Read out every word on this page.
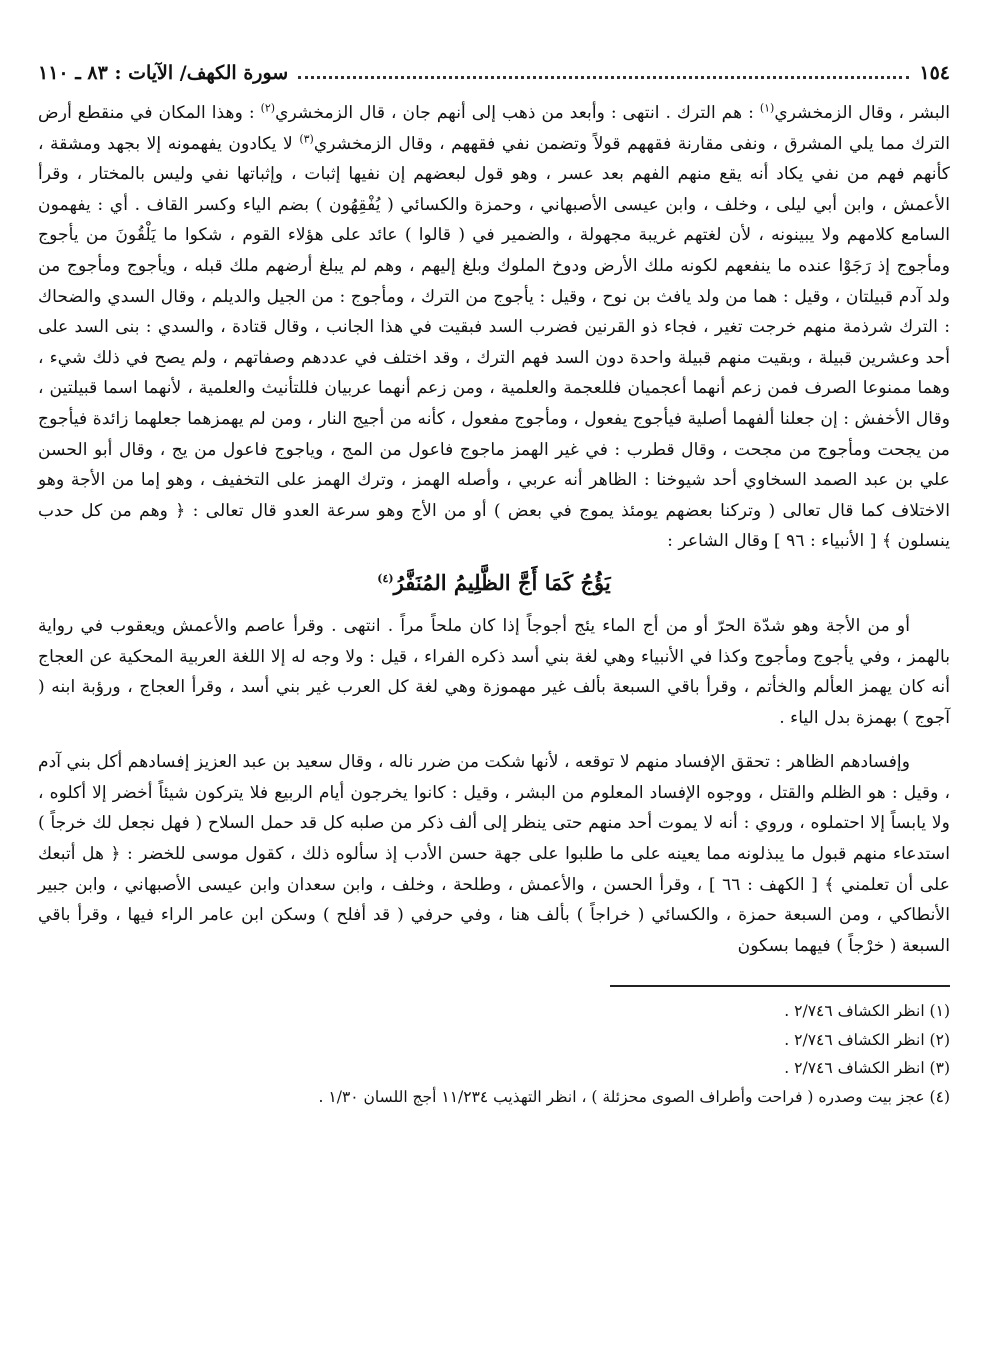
١٥٤
سورة الكهف/ الآيات : ٨٣ ـ ١١٠

البشر ، وقال الزمخشري$^{(١)}$ : هم الترك . انتهى : وأبعد من ذهب إلى أنهم جان ، قال الزمخشري$^{(٢)}$ : وهذا المكان في منقطع أرض الترك مما يلي المشرق ، ونفى مقارنة فقههم قولاً وتضمن نفي فقههم ، وقال الزمخشري$^{(٣)}$ لا يكادون يفهمونه إلا بجهد ومشقة ، كأنهم فهم من نفي يكاد أنه يقع منهم الفهم بعد عسر ، وهو قول لبعضهم إن نفيها إثبات ، وإثباتها نفي وليس بالمختار ، وقرأ الأعمش ، وابن أبي ليلى ، وخلف ، وابن عيسى الأصبهاني ، وحمزة والكسائي ( يُفْقِهُون ) بضم الياء وكسر القاف . أي : يفهمون السامع كلامهم ولا يبينونه ، لأن لغتهم غريبة مجهولة ، والضمير في ( قالوا ) عائد على هؤلاء القوم ، شكوا ما يَلْقُونَ من يأجوج ومأجوج إذ رَجَوْا عنده ما ينفعهم لكونه ملك الأرض ودوخ الملوك وبلغ إليهم ، وهم لم يبلغ أرضهم ملك قبله ، ويأجوج ومأجوج من ولد آدم قبيلتان ، وقيل : هما من ولد يافث بن نوح ، وقيل : يأجوج من الترك ، ومأجوج : من الجيل والديلم ، وقال السدي والضحاك : الترك شرذمة منهم خرجت تغير ، فجاء ذو القرنين فضرب السد فبقيت في هذا الجانب ، وقال قتادة ، والسدي : بنى السد على أحد وعشرين قبيلة ، وبقيت منهم قبيلة واحدة دون السد فهم الترك ، وقد اختلف في عددهم وصفاتهم ، ولم يصح في ذلك شيء ، وهما ممنوعا الصرف فمن زعم أنهما أعجميان فللعجمة والعلمية ، ومن زعم أنهما عربيان فللتأنيث والعلمية ، لأنهما اسما قبيلتين ، وقال الأخفش : إن جعلنا ألفهما أصلية فيأجوج يفعول ، ومأجوج مفعول ، كأنه من أجيج النار ، ومن لم يهمزهما جعلهما زائدة فيأجوج من يجحت ومأجوج من مجحت ، وقال قطرب : في غير الهمز ماجوج فاعول من المج ، وياجوج فاعول من يج ، وقال أبو الحسن علي بن عبد الصمد السخاوي أحد شيوخنا : الظاهر أنه عربي ، وأصله الهمز ، وترك الهمز على التخفيف ، وهو إما من الأجة وهو الاختلاف كما قال تعالى ( وتركنا بعضهم يومئذ يموج في بعض ) أو من الأج وهو سرعة العدو قال تعالى : ﴿ وهم من كل حدب ينسلون ﴾ [ الأنبياء : ٩٦ ] وقال الشاعر :

يَؤُجُ كَمَا أَجَّ الظَّلِيمُ المُنَفَّرُ$^{(٤)}$

أو من الأجة وهو شدّة الحرّ أو من أج الماء يئج أجوجاً إذا كان ملحاً مراً . انتهى . وقرأ عاصم والأعمش ويعقوب في رواية بالهمز ، وفي يأجوج ومأجوج وكذا في الأنبياء وهي لغة بني أسد ذكره الفراء ، قيل : ولا وجه له إلا اللغة العربية المحكية عن العجاج أنه كان يهمز العألم والخأتم ، وقرأ باقي السبعة بألف غير مهموزة وهي لغة كل العرب غير بني أسد ، وقرأ العجاج ، ورؤبة ابنه ( آجوج ) بهمزة بدل الياء .

وإفسادهم الظاهر : تحقق الإفساد منهم لا توقعه ، لأنها شكت من ضرر ناله ، وقال سعيد بن عبد العزيز إفسادهم أكل بني آدم ، وقيل : هو الظلم والقتل ، ووجوه الإفساد المعلوم من البشر ، وقيل : كانوا يخرجون أيام الربيع فلا يتركون شيئاً أخضر إلا أكلوه ، ولا يابساً إلا احتملوه ، وروي : أنه لا يموت أحد منهم حتى ينظر إلى ألف ذكر من صلبه كل قد حمل السلاح ( فهل نجعل لك خرجاً ) استدعاء منهم قبول ما يبذلونه مما يعينه على ما طلبوا على جهة حسن الأدب إذ سألوه ذلك ، كقول موسى للخضر : ﴿ هل أتبعك على أن تعلمني ﴾ [ الكهف : ٦٦ ] ، وقرأ الحسن ، والأعمش ، وطلحة ، وخلف ، وابن سعدان وابن عيسى الأصبهاني ، وابن جبير الأنطاكي ، ومن السبعة حمزة ، والكسائي ( خراجاً ) بألف هنا ، وفي حرفي ( قد أفلح ) وسكن ابن عامر الراء فيها ، وقرأ باقي السبعة ( خرْجاً ) فيهما بسكون

(١) انظر الكشاف ٢/٧٤٦ .
(٢) انظر الكشاف ٢/٧٤٦ .
(٣) انظر الكشاف ٢/٧٤٦ .
(٤) عجز بيت وصدره ( فراحت وأطراف الصوى محزئلة ) ، انظر التهذيب ١١/٢٣٤ أجج اللسان ١/٣٠ .
